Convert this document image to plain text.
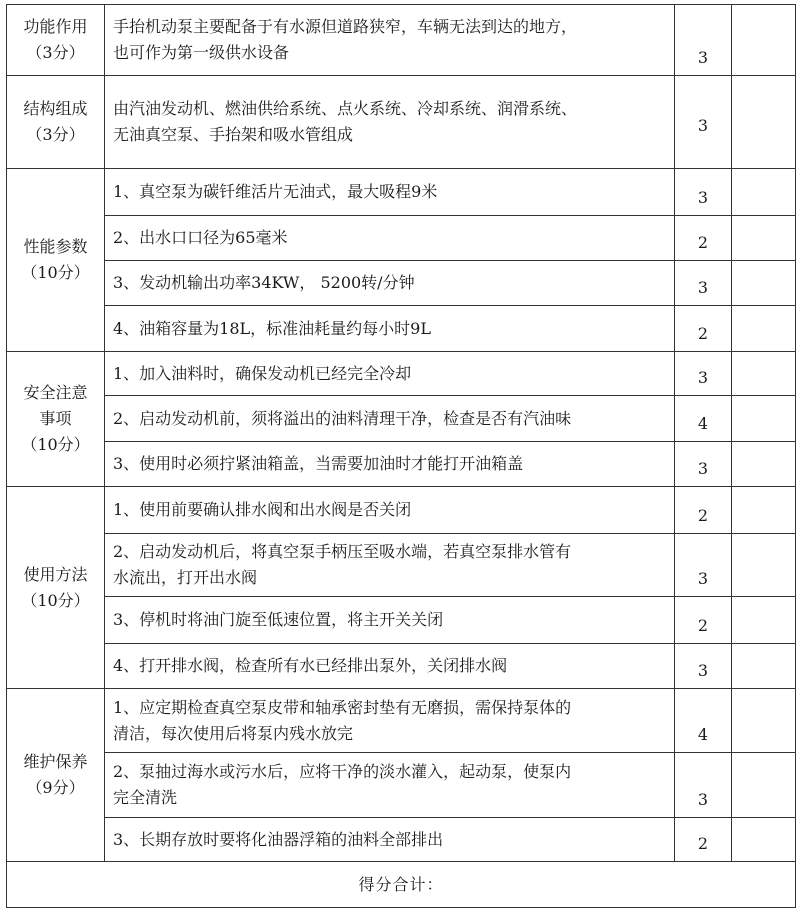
功能作用
（3分）	手抬机动泵主要配备于有水源但道路狭窄，车辆无法到达的地方，
也可作为第一级供水设备	3	

结构组成
（3分）	由汽油发动机、燃油供给系统、点火系统、冷却系统、润滑系统、
无油真空泵、手抬架和吸水管组成	3	

性能参数
（10分）	1、真空泵为碳钎维活片无油式，最大吸程9米	3	

	2、出水口口径为65毫米	2	

	3、发动机输出功率34KW， 5200转/分钟	3	

	4、油箱容量为18L，标准油耗量约每小时9L	2	

安全注意
事项
（10分）	1、加入油料时，确保发动机已经完全冷却	3	

	2、启动发动机前，须将溢出的油料清理干净，检查是否有汽油味	4	

	3、使用时必须拧紧油箱盖，当需要加油时才能打开油箱盖	3	

使用方法
（10分）	1、使用前要确认排水阀和出水阀是否关闭	2	

	2、启动发动机后，将真空泵手柄压至吸水端，若真空泵排水管有
水流出，打开出水阀	3	

	3、停机时将油门旋至低速位置，将主开关关闭	2	

	4、打开排水阀，检查所有水已经排出泵外，关闭排水阀	3	

维护保养
（9分）	1、应定期检查真空泵皮带和轴承密封垫有无磨损，需保持泵体的
清洁，每次使用后将泵内残水放完	4	

	2、泵抽过海水或污水后，应将干净的淡水灌入，起动泵，使泵内
完全清洗	3	

	3、长期存放时要将化油器浮箱的油料全部排出	2	
得分合计：			
